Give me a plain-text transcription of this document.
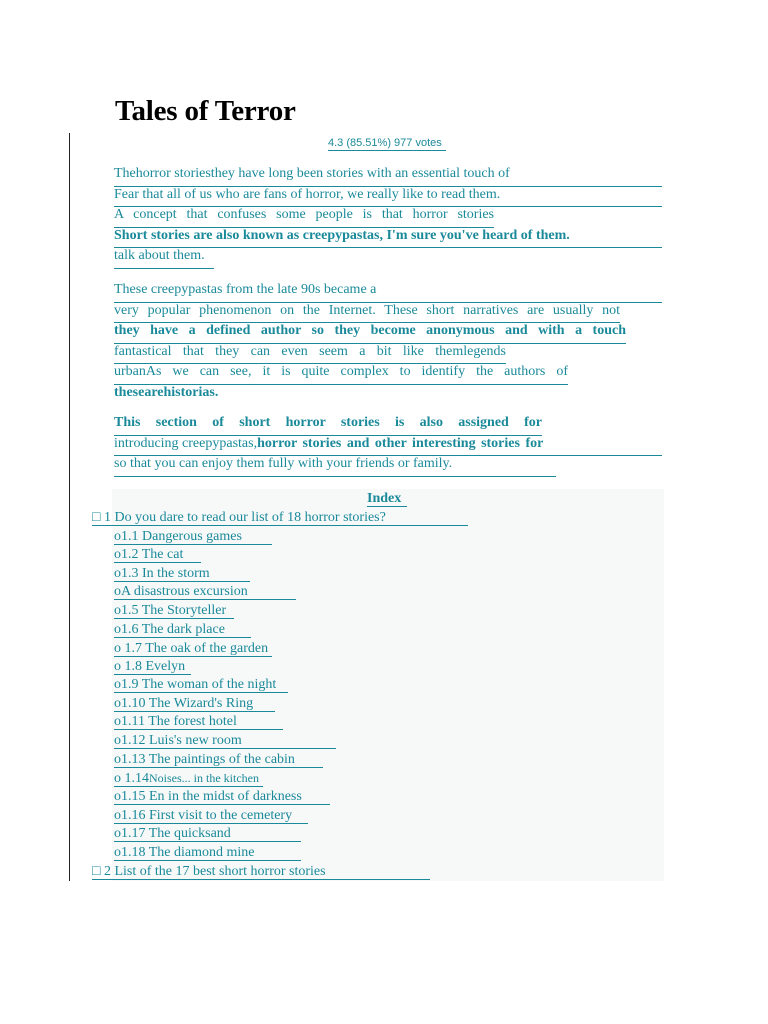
Tales of Terror
4.3 (85.51%) 977 votes
Thehorror storiesthey have long been stories with an essential touch of
Fear that all of us who are fans of horror, we really like to read them.
A concept that confuses some people is that horror stories
Short stories are also known as creepypastas, I'm sure you've heard of them.
talk about them.
These creepypastas from the late 90s became a
very popular phenomenon on the Internet. These short narratives are usually not
they have a defined author so they become anonymous and with a touch
fantastical that they can even seem a bit like themlegends
urbanAs we can see, it is quite complex to identify the authors of
thesearehistorias.
This section of short horror stories is also assigned for
introducing creepypastas,horror stories and other interesting stories for
so that you can enjoy them fully with your friends or family.
Index
□ 1 Do you dare to read our list of 18 horror stories?
o1.1 Dangerous games
o1.2 The cat
o1.3 In the storm
oA disastrous excursion
o1.5 The Storyteller
o1.6 The dark place
o 1.7 The oak of the garden
o 1.8 Evelyn
o1.9 The woman of the night
o1.10 The Wizard's Ring
o1.11 The forest hotel
o1.12 Luis's new room
o1.13 The paintings of the cabin
o 1.14Noises... in the kitchen
o1.15 En in the midst of darkness
o1.16 First visit to the cemetery
o1.17 The quicksand
o1.18 The diamond mine
□ 2 List of the 17 best short horror stories
